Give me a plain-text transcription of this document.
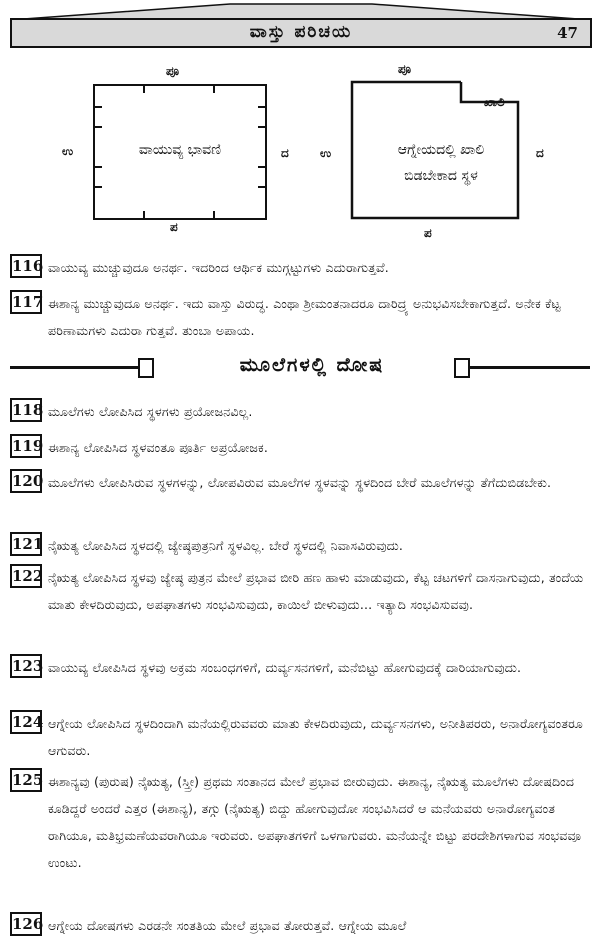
ವಾಸ್ತು ಪರಿಚಯ	47
ಪೂ
ಪ
ಉ	ದ
ವಾಯುವ್ಯ ಭಾವಣಿ
ಪೂ
ಪ
ಉ	ದ
ಖಾಲಿ
ಆಗ್ನೇಯದಲ್ಲಿ ಖಾಲಿ
ಬಿಡಬೇಕಾದ ಸ್ಥಳ
116 ವಾಯುವ್ಯ ಮುಚ್ಚುವುದೂ ಅನರ್ಥ. ಇದರಿಂದ ಆರ್ಥಿಕ ಮುಗ್ಗಟ್ಟುಗಳು ಎದುರಾಗುತ್ತವೆ.
117 ಈಶಾನ್ಯ ಮುಚ್ಚುವುದೂ ಅನರ್ಥ. ಇದು ವಾಸ್ತು ವಿರುದ್ಧ. ಎಂಥಾ ಶ್ರೀಮಂತನಾದರೂ ದಾರಿದ್ರ್ಯ ಅನುಭವಿಸಬೇಕಾಗುತ್ತದೆ. ಅನೇಕ ಕೆಟ್ಟ ಪರಿಣಾಮಗಳು ಎದುರಾ ಗುತ್ತವೆ. ತುಂಬಾ ಅಪಾಯ.
ಮೂಲೆಗಳಲ್ಲಿ ದೋಷ
118 ಮೂಲೆಗಳು ಲೋಪಿಸಿದ ಸ್ಥಳಗಳು ಪ್ರಯೋಜನವಿಲ್ಲ.
119 ಈಶಾನ್ಯ ಲೋಪಿಸಿದ ಸ್ಥಳವಂತೂ ಪೂರ್ತಿ ಅಪ್ರಯೋಜಕ.
120 ಮೂಲೆಗಳು ಲೋಪಿಸಿರುವ ಸ್ಥಳಗಳನ್ನು, ಲೋಪವಿರುವ ಮೂಲೆಗಳ ಸ್ಥಳವನ್ನು ಸ್ಥಳದಿಂದ ಬೇರೆ ಮೂಲೆಗಳನ್ನು ತೆಗೆದುಬಿಡಬೇಕು.
121 ನೈಋತ್ಯ ಲೋಪಿಸಿದ ಸ್ಥಳದಲ್ಲಿ ಜ್ಯೇಷ್ಠಪುತ್ರನಿಗೆ ಸ್ಥಳವಿಲ್ಲ. ಬೇರೆ ಸ್ಥಳದಲ್ಲಿ ನಿವಾಸವಿರುವುದು.
122 ನೈಋತ್ಯ ಲೋಪಿಸಿದ ಸ್ಥಳವು ಜ್ಯೇಷ್ಠ ಪುತ್ರನ ಮೇಲೆ ಪ್ರಭಾವ ಬೀರಿ ಹಣ ಹಾಳು ಮಾಡುವುದು, ಕೆಟ್ಟ ಚಟಗಳಿಗೆ ದಾಸನಾಗುವುದು, ತಂದೆಯ ಮಾತು ಕೇಳದಿರುವುದು, ಅಪಘಾತಗಳು ಸಂಭವಿಸುವುದು, ಕಾಯಿಲೆ ಬೀಳುವುದು... ಇತ್ಯಾದಿ ಸಂಭವಿಸುವವು.
123 ವಾಯುವ್ಯ ಲೋಪಿಸಿದ ಸ್ಥಳವು ಅಕ್ರಮ ಸಂಬಂಧಗಳಿಗೆ, ದುರ್ವ್ಯಸನಗಳಿಗೆ, ಮನೆಬಿಟ್ಟು ಹೋಗುವುದಕ್ಕೆ ದಾರಿಯಾಗುವುದು.
124 ಆಗ್ನೇಯ ಲೋಪಿಸಿದ ಸ್ಥಳದಿಂದಾಗಿ ಮನೆಯಲ್ಲಿರುವವರು ಮಾತು ಕೇಳದಿರುವುದು, ದುರ್ವ್ಯಸನಗಳು, ಅನೀತಿಪರರು, ಅನಾರೋಗ್ಯವಂತರೂ ಆಗುವರು.
125 ಈಶಾನ್ಯವು (ಪುರುಷ) ನೈಋತ್ಯ, (ಸ್ತ್ರೀ) ಪ್ರಥಮ ಸಂತಾನದ ಮೇಲೆ ಪ್ರಭಾವ ಬೀರುವುದು. ಈಶಾನ್ಯ, ನೈಋತ್ಯ ಮೂಲೆಗಳು ದೋಷದಿಂದ ಕೂಡಿದ್ದರೆ ಅಂದರೆ ಎತ್ತರ (ಈಶಾನ್ಯ), ತಗ್ಗು (ನೈಋತ್ಯ) ಬಿದ್ದು ಹೋಗುವುದೋ ಸಂಭವಿಸಿದರೆ ಆ ಮನೆಯವರು ಅನಾರೋಗ್ಯವಂತ ರಾಗಿಯೂ, ಮತಿಭ್ರಮಣೆಯವರಾಗಿಯೂ ಇರುವರು. ಅಪಘಾತಗಳಿಗೆ ಒಳಗಾಗುವರು. ಮನೆಯನ್ನೇ ಬಿಟ್ಟು ಪರದೇಶಿಗಳಾಗುವ ಸಂಭವವೂ ಉಂಟು.
126 ಆಗ್ನೇಯ ದೋಷಗಳು ಎರಡನೇ ಸಂತತಿಯ ಮೇಲೆ ಪ್ರಭಾವ ತೋರುತ್ತವೆ. ಆಗ್ನೇಯ ಮೂಲೆ
